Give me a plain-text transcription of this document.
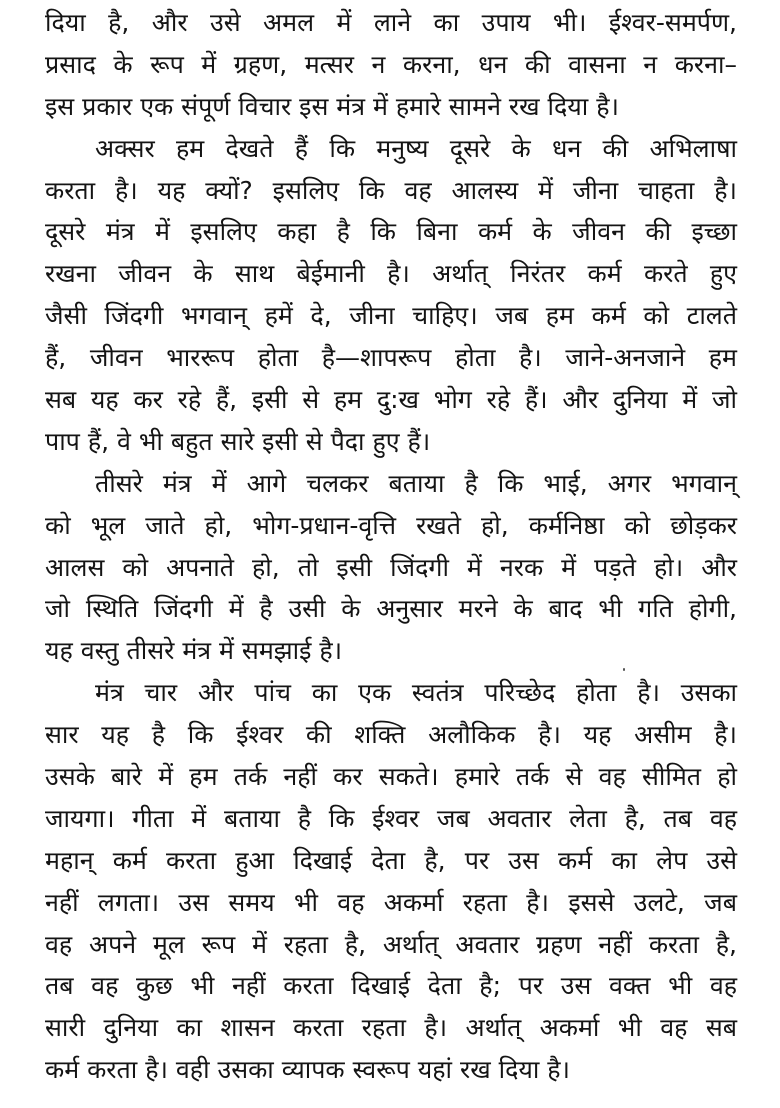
दिया है, और उसे अमल में लाने का उपाय भी। ईश्वर-समर्पण,
प्रसाद के रूप में ग्रहण, मत्सर न करना, धन की वासना न करना–
इस प्रकार एक संपूर्ण विचार इस मंत्र में हमारे सामने रख दिया है।
अक्सर हम देखते हैं कि मनुष्य दूसरे के धन की अभिलाषा
करता है। यह क्यों? इसलिए कि वह आलस्य में जीना चाहता है।
दूसरे मंत्र में इसलिए कहा है कि बिना कर्म के जीवन की इच्छा
रखना जीवन के साथ बेईमानी है। अर्थात् निरंतर कर्म करते हुए
जैसी जिंदगी भगवान् हमें दे, जीना चाहिए। जब हम कर्म को टालते
हैं, जीवन भाररूप होता है—शापरूप होता है। जाने-अनजाने हम
सब यह कर रहे हैं, इसी से हम दु:ख भोग रहे हैं। और दुनिया में जो
पाप हैं, वे भी बहुत सारे इसी से पैदा हुए हैं।
तीसरे मंत्र में आगे चलकर बताया है कि भाई, अगर भगवान्
को भूल जाते हो, भोग-प्रधान-वृत्ति रखते हो, कर्मनिष्ठा को छोड़कर
आलस को अपनाते हो, तो इसी जिंदगी में नरक में पड़ते हो। और
जो स्थिति जिंदगी में है उसी के अनुसार मरने के बाद भी गति होगी,
यह वस्तु तीसरे मंत्र में समझाई है।
मंत्र चार और पांच का एक स्वतंत्र परिच्छेद होता है। उसका
सार यह है कि ईश्वर की शक्ति अलौकिक है। यह असीम है।
उसके बारे में हम तर्क नहीं कर सकते। हमारे तर्क से वह सीमित हो
जायगा। गीता में बताया है कि ईश्वर जब अवतार लेता है, तब वह
महान् कर्म करता हुआ दिखाई देता है, पर उस कर्म का लेप उसे
नहीं लगता। उस समय भी वह अकर्मा रहता है। इससे उलटे, जब
वह अपने मूल रूप में रहता है, अर्थात् अवतार ग्रहण नहीं करता है,
तब वह कुछ भी नहीं करता दिखाई देता है; पर उस वक्त भी वह
सारी दुनिया का शासन करता रहता है। अर्थात् अकर्मा भी वह सब
कर्म करता है। वही उसका व्यापक स्वरूप यहां रख दिया है।
